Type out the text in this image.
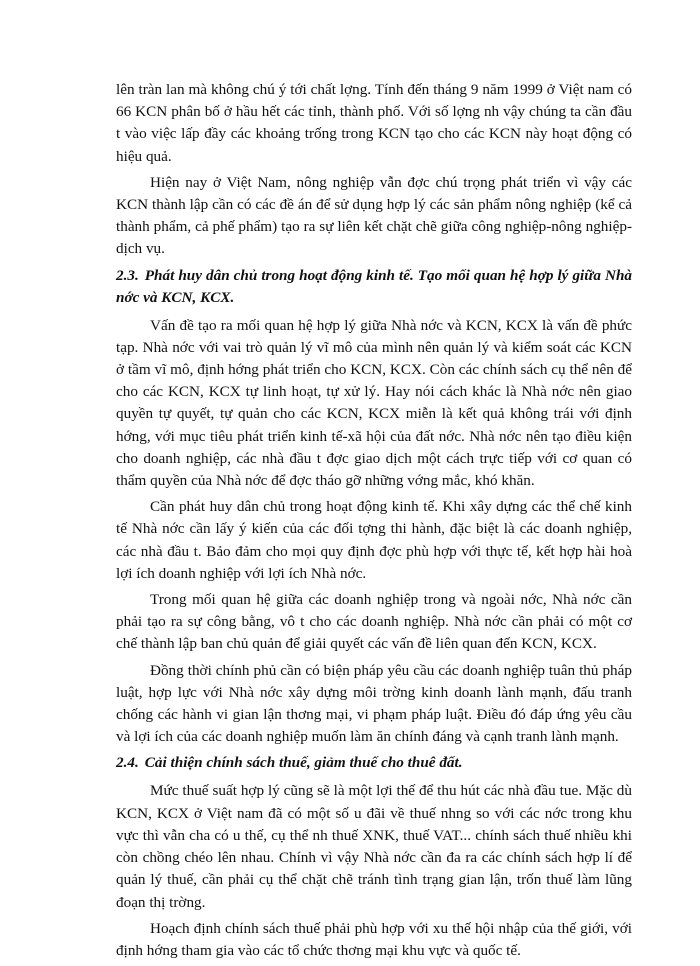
lên tràn lan mà không chú ý tới chất lợng. Tính đến tháng 9 năm 1999 ở Việt nam có 66 KCN phân bố ở hầu hết các tỉnh, thành phố. Với số lợng nh vậy chúng ta cần đầu t vào việc lấp đầy các khoảng trống trong KCN tạo cho các KCN này hoạt động có hiệu quả.

Hiện nay ở Việt Nam, nông nghiệp vẫn đợc chú trọng phát triển vì vậy các KCN thành lập cần có các đề án để sử dụng hợp lý các sản phẩm nông nghiệp (kể cả thành phẩm, cả phế phẩm) tạo ra sự liên kết chặt chẽ giữa công nghiệp-nông nghiệp-dịch vụ.

2.3. Phát huy dân chủ trong hoạt động kinh tế. Tạo mối quan hệ hợp lý giữa Nhà nớc và KCN, KCX.

Vấn đề tạo ra mối quan hệ hợp lý giữa Nhà nớc và KCN, KCX là vấn đề phức tạp. Nhà nớc với vai trò quản lý vĩ mô của mình nên quản lý và kiểm soát các KCN ở tầm vĩ mô, định hớng phát triển cho KCN, KCX. Còn các chính sách cụ thể nên để cho các KCN, KCX tự linh hoạt, tự xử lý. Hay nói cách khác là Nhà nớc nên giao quyền tự quyết, tự quản cho các KCN, KCX miễn là kết quả không trái với định hớng, với mục tiêu phát triển kinh tế-xã hội của đất nớc. Nhà nớc nên tạo điều kiện cho doanh nghiệp, các nhà đầu t đợc giao dịch một cách trực tiếp với cơ quan có thẩm quyền của Nhà nớc để đợc tháo gỡ những vớng mắc, khó khăn.

Cần phát huy dân chủ trong hoạt động kinh tế. Khi xây dựng các thể chế kinh tế Nhà nớc cần lấy ý kiến của các đối tợng thi hành, đặc biệt là các doanh nghiệp, các nhà đầu t. Bảo đảm cho mọi quy định đợc phù hợp với thực tế, kết hợp hài hoà lợi ích doanh nghiệp với lợi ích Nhà nớc.

Trong mối quan hệ giữa các doanh nghiệp trong và ngoài nớc, Nhà nớc cần phải tạo ra sự công bằng, vô t cho các doanh nghiệp. Nhà nớc cần phải có một cơ chế thành lập ban chủ quản để giải quyết các vấn đề liên quan đến KCN, KCX.

Đồng thời chính phủ cần có biện pháp yêu cầu các doanh nghiệp tuân thủ pháp luật, hợp lực với Nhà nớc xây dựng môi trờng kinh doanh lành mạnh, đấu tranh chống các hành vi gian lận thơng mại, vi phạm pháp luật. Điều đó đáp ứng yêu cầu và lợi ích của các doanh nghiệp muốn làm ăn chính đáng và cạnh tranh lành mạnh.

2.4. Cải thiện chính sách thuế, giảm thuế cho thuê đất.

Mức thuế suất hợp lý cũng sẽ là một lợi thế để thu hút các nhà đầu tue. Mặc dù KCN, KCX ở Việt nam đã có một số u đãi về thuế nhng so với các nớc trong khu vực thì vẫn cha có u thế, cụ thể nh thuế XNK, thuế VAT... chính sách thuế nhiều khi còn chồng chéo lên nhau. Chính vì vậy Nhà nớc cần đa ra các chính sách hợp lí để quản lý thuế, cần phải cụ thể chặt chẽ tránh tình trạng gian lận, trốn thuế làm lũng đoạn thị trờng.

Hoạch định chính sách thuế phải phù hợp với xu thế hội nhập của thế giới, với định hớng tham gia vào các tổ chức thơng mại khu vực và quốc tế.
